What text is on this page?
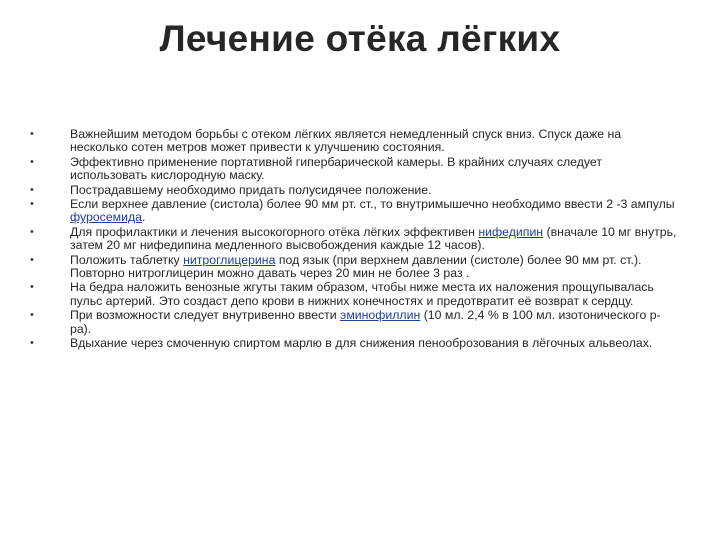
Лечение отёка лёгких
•	Важнейшим методом борьбы с отеком лёгких является немедленный спуск вниз. Спуск даже на несколько сотен метров может привести к улучшению состояния.
•	Эффективно применение портативной гипербарической камеры. В крайних случаях следует использовать кислородную маску.
•	Пострадавшему необходимо придать полусидячее положение.
•	Если верхнее давление (систола) более 90 мм рт. ст., то внутримышечно необходимо ввести 2 -3 ампулы фуросемида.
•	Для профилактики и лечения высокогорного отёка лёгких эффективен нифедипин (вначале 10 мг внутрь, затем 20 мг нифедипина медленного высвобождения каждые 12 часов).
•	Положить таблетку нитроглицерина под язык (при верхнем давлении (систоле) более 90 мм рт. ст.). Повторно нитроглицерин можно давать через 20 мин не более 3 раз .
•	На бедра наложить венозные жгуты таким образом, чтобы ниже места их наложения прощупывалась пульс артерий. Это создаст депо крови в нижних конечностях и предотвратит её возврат к сердцу.
•	При возможности следует внутривенно ввести эминофиллин (10 мл. 2,4 % в 100 мл. изотонического р-ра).
•	Вдыхание через смоченную спиртом марлю в для снижения пенооброзования в лёгочных альвеолах.
